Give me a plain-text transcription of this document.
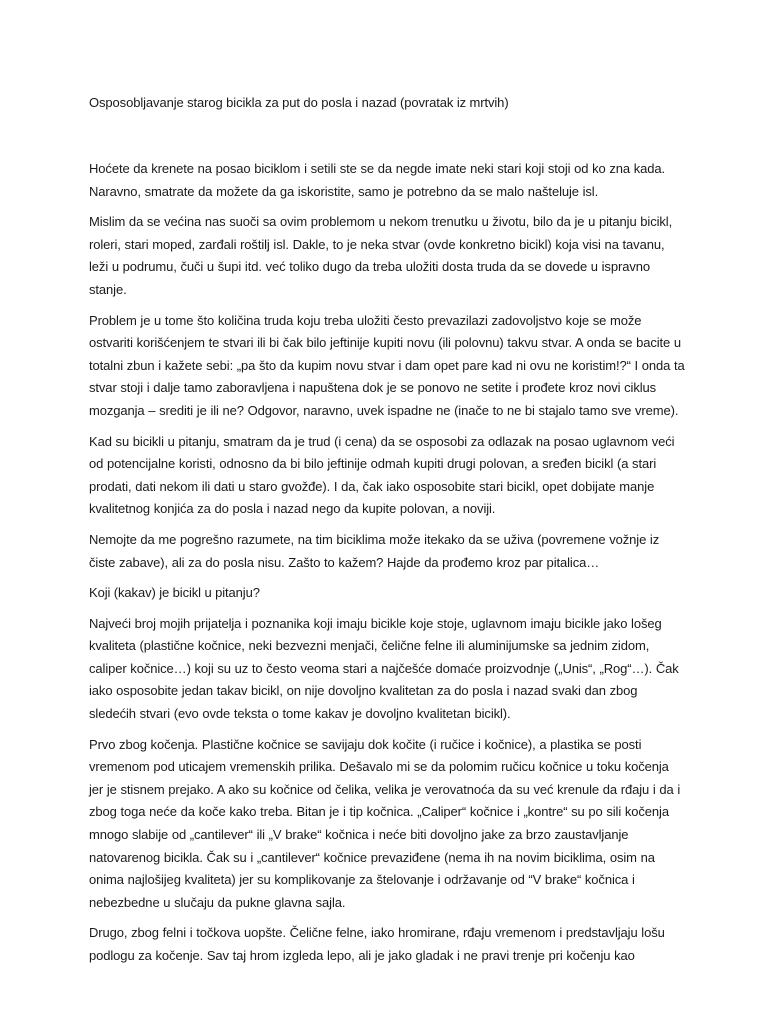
Osposobljavanje starog bicikla za put do posla i nazad (povratak iz mrtvih)

Hoćete da krenete na posao biciklom i setili ste se da negde imate neki stari koji stoji od ko zna kada. Naravno, smatrate da možete da ga iskoristite, samo je potrebno da se malo našteluje isl.

Mislim da se većina nas suoči sa ovim problemom u nekom trenutku u životu, bilo da je u pitanju bicikl, roleri, stari moped, zarđali roštilj isl. Dakle, to je neka stvar (ovde konkretno bicikl) koja visi na tavanu, leži u podrumu, čuči u šupi itd. već toliko dugo da treba uložiti dosta truda da se dovede u ispravno stanje.

Problem je u tome što količina truda koju treba uložiti često prevazilazi zadovoljstvo koje se može ostvariti korišćenjem te stvari ili bi čak bilo jeftinije kupiti novu (ili polovnu) takvu stvar. A onda se bacite u totalni zbun i kažete sebi: „pa što da kupim novu stvar i dam opet pare kad ni ovu ne koristim!?“ I onda ta stvar stoji i dalje tamo zaboravljena i napuštena dok je se ponovo ne setite i prođete kroz novi ciklus mozganja – srediti je ili ne? Odgovor, naravno, uvek ispadne ne (inače to ne bi stajalo tamo sve vreme).

Kad su bicikli u pitanju, smatram da je trud (i cena) da se osposobi za odlazak na posao uglavnom veći od potencijalne koristi, odnosno da bi bilo jeftinije odmah kupiti drugi polovan, a sređen bicikl (a stari prodati, dati nekom ili dati u staro gvožđe). I da, čak iako osposobite stari bicikl, opet dobijate manje kvalitetnog konjića za do posla i nazad nego da kupite polovan, a noviji.

Nemojte da me pogrešno razumete, na tim biciklima može itekako da se uživa (povremene vožnje iz čiste zabave), ali za do posla nisu. Zašto to kažem? Hajde da prođemo kroz par pitalica…

Koji (kakav) je bicikl u pitanju?

Najveći broj mojih prijatelja i poznanika koji imaju bicikle koje stoje, uglavnom imaju bicikle jako lošeg kvaliteta (plastične kočnice, neki bezvezni menjači, čelične felne ili aluminijumske sa jednim zidom, caliper kočnice…) koji su uz to često veoma stari a najčešće domaće proizvodnje („Unis“, „Rog“…). Čak iako osposobite jedan takav bicikl, on nije dovoljno kvalitetan za do posla i nazad svaki dan zbog sledećih stvari (evo ovde teksta o tome kakav je dovoljno kvalitetan bicikl).

Prvo zbog kočenja. Plastične kočnice se savijaju dok kočite (i ručice i kočnice), a plastika se posti vremenom pod uticajem vremenskih prilika. Dešavalo mi se da polomim ručicu kočnice u toku kočenja jer je stisnem prejako. A ako su kočnice od čelika, velika je verovatnoća da su već krenule da rđaju i da i zbog toga neće da koče kako treba. Bitan je i tip kočnica. „Caliper“ kočnice i „kontre“ su po sili kočenja mnogo slabije od „cantilever“ ili „V brake“ kočnica i neće biti dovoljno jake za brzo zaustavljanje natovarenog bicikla. Čak su i „cantilever“ kočnice prevaziđene (nema ih na novim biciklima, osim na onima najlošijeg kvaliteta) jer su komplikovanje za štelovanje i održavanje od “V brake“ kočnica i nebezbedne u slučaju da pukne glavna sajla.

Drugo, zbog felni i točkova uopšte. Čelične felne, iako hromirane, rđaju vremenom i predstavljaju lošu podlogu za kočenje. Sav taj hrom izgleda lepo, ali je jako gladak i ne pravi trenje pri kočenju kao
